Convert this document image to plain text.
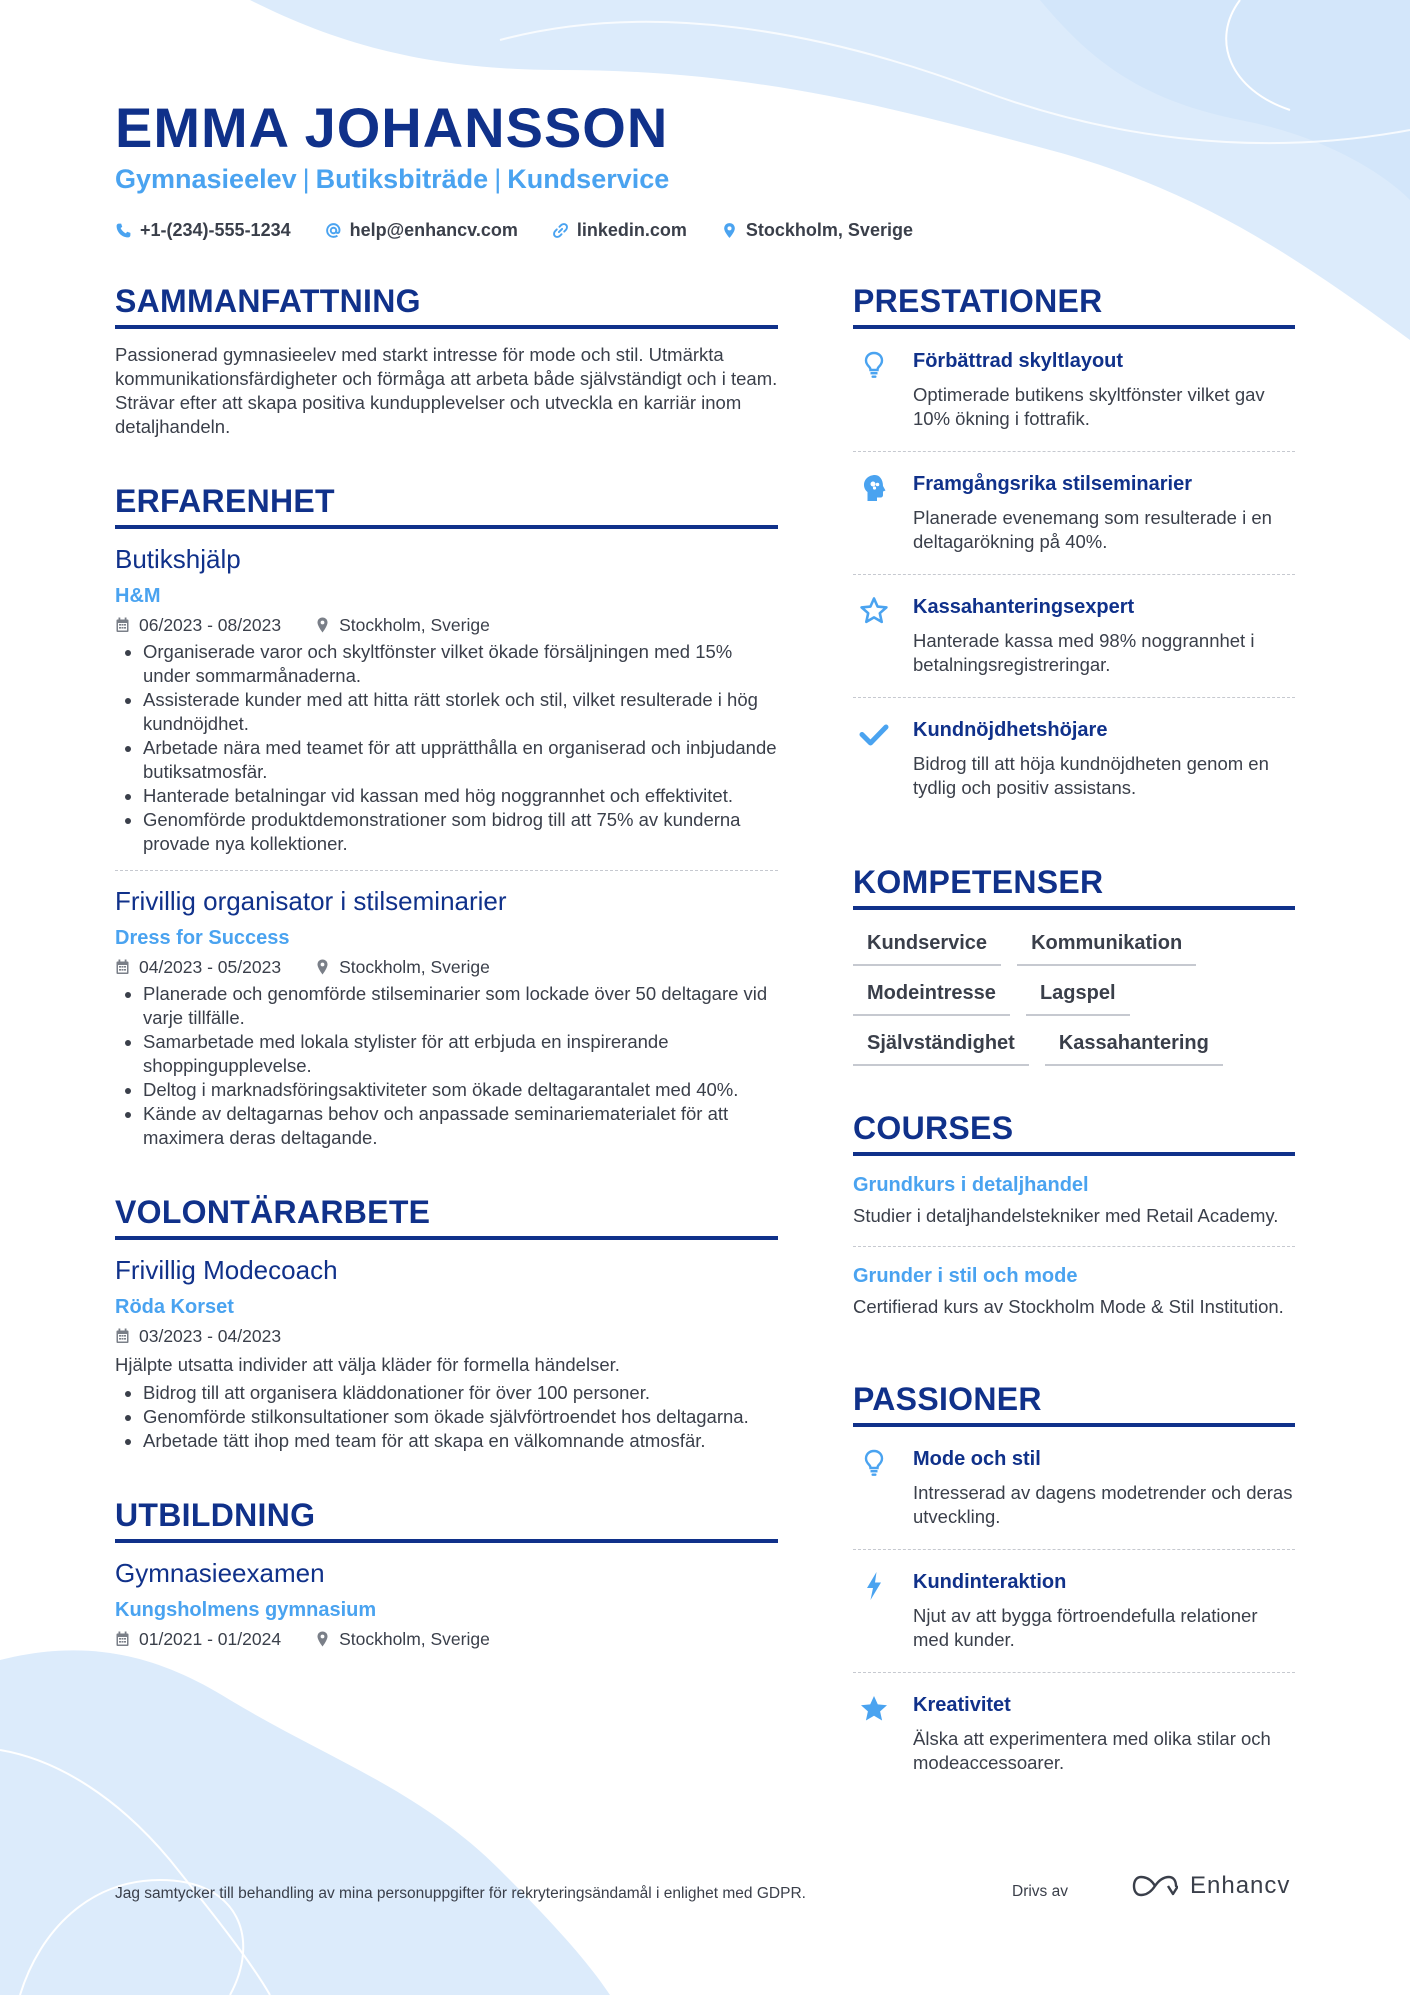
EMMA JOHANSSON
Gymnasieelev | Butiksbiträde | Kundservice
+1-(234)-555-1234	help@enhancv.com	linkedin.com	Stockholm, Sverige
SAMMANFATTNING
Passionerad gymnasieelev med starkt intresse för mode och stil. Utmärkta kommunikationsfärdigheter och förmåga att arbeta både självständigt och i team. Strävar efter att skapa positiva kundupplevelser och utveckla en karriär inom detaljhandeln.
ERFARENHET
Butikshjälp
H&M
06/2023 - 08/2023	Stockholm, Sverige
Organiserade varor och skyltfönster vilket ökade försäljningen med 15% under sommarmånaderna.
Assisterade kunder med att hitta rätt storlek och stil, vilket resulterade i hög kundnöjdhet.
Arbetade nära med teamet för att upprätthålla en organiserad och inbjudande butiksatmosfär.
Hanterade betalningar vid kassan med hög noggrannhet och effektivitet.
Genomförde produktdemonstrationer som bidrog till att 75% av kunderna provade nya kollektioner.
Frivillig organisator i stilseminarier
Dress for Success
04/2023 - 05/2023	Stockholm, Sverige
Planerade och genomförde stilseminarier som lockade över 50 deltagare vid varje tillfälle.
Samarbetade med lokala stylister för att erbjuda en inspirerande shoppingupplevelse.
Deltog i marknadsföringsaktiviteter som ökade deltagarantalet med 40%.
Kände av deltagarnas behov och anpassade seminariematerialet för att maximera deras deltagande.
VOLONTÄRARBETE
Frivillig Modecoach
Röda Korset
03/2023 - 04/2023
Hjälpte utsatta individer att välja kläder för formella händelser.
Bidrog till att organisera kläddonationer för över 100 personer.
Genomförde stilkonsultationer som ökade självförtroendet hos deltagarna.
Arbetade tätt ihop med team för att skapa en välkomnande atmosfär.
UTBILDNING
Gymnasieexamen
Kungsholmens gymnasium
01/2021 - 01/2024	Stockholm, Sverige
PRESTATIONER
Förbättrad skyltlayout
Optimerade butikens skyltfönster vilket gav 10% ökning i fottrafik.
Framgångsrika stilseminarier
Planerade evenemang som resulterade i en deltagarökning på 40%.
Kassahanteringsexpert
Hanterade kassa med 98% noggrannhet i betalningsregistreringar.
Kundnöjdhetshöjare
Bidrog till att höja kundnöjdheten genom en tydlig och positiv assistans.
KOMPETENSER
Kundservice	Kommunikation
Modeintresse	Lagspel
Självständighet	Kassahantering
COURSES
Grundkurs i detaljhandel
Studier i detaljhandelstekniker med Retail Academy.
Grunder i stil och mode
Certifierad kurs av Stockholm Mode & Stil Institution.
PASSIONER
Mode och stil
Intresserad av dagens modetrender och deras utveckling.
Kundinteraktion
Njut av att bygga förtroendefulla relationer med kunder.
Kreativitet
Älska att experimentera med olika stilar och modeaccessoarer.
Jag samtycker till behandling av mina personuppgifter för rekryteringsändamål i enlighet med GDPR.	Drivs av	Enhancv
